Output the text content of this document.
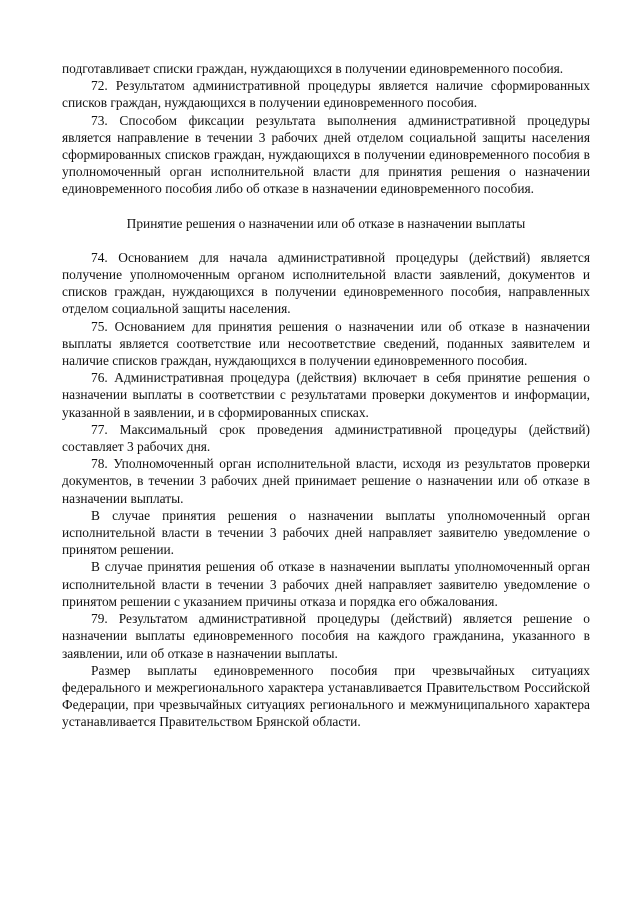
подготавливает списки граждан, нуждающихся в получении единовременного пособия.

72. Результатом административной процедуры является наличие сформированных списков граждан, нуждающихся в получении единовременного пособия.

73. Способом фиксации результата выполнения административной процедуры является направление в течении 3 рабочих дней отделом социальной защиты населения сформированных списков граждан, нуждающихся в получении единовременного пособия в уполномоченный орган исполнительной власти для принятия решения о назначении единовременного пособия либо об отказе в назначении единовременного пособия.

Принятие решения о назначении или об отказе в назначении выплаты

74. Основанием для начала административной процедуры (действий) является получение уполномоченным органом исполнительной власти заявлений, документов и списков граждан, нуждающихся в получении единовременного пособия, направленных отделом социальной защиты населения.

75. Основанием для принятия решения о назначении или об отказе в назначении выплаты является соответствие или несоответствие сведений, поданных заявителем и наличие списков граждан, нуждающихся в получении единовременного пособия.

76. Административная процедура (действия) включает в себя принятие решения о назначении выплаты в соответствии с результатами проверки документов и информации, указанной в заявлении, и в сформированных списках.

77. Максимальный срок проведения административной процедуры (действий) составляет 3 рабочих дня.

78. Уполномоченный орган исполнительной власти, исходя из результатов проверки документов, в течении 3 рабочих дней принимает решение о назначении или об отказе в назначении выплаты.

В случае принятия решения о назначении выплаты уполномоченный орган исполнительной власти в течении 3 рабочих дней направляет заявителю уведомление о принятом решении.

В случае принятия решения об отказе в назначении выплаты уполномоченный орган исполнительной власти в течении 3 рабочих дней направляет заявителю уведомление о принятом решении с указанием причины отказа и порядка его обжалования.

79. Результатом административной процедуры (действий) является решение о назначении выплаты единовременного пособия на каждого гражданина, указанного в заявлении, или об отказе в назначении выплаты.

Размер выплаты единовременного пособия при чрезвычайных ситуациях федерального и межрегионального характера устанавливается Правительством Российской Федерации, при чрезвычайных ситуациях регионального и межмуниципального характера устанавливается Правительством Брянской области.
